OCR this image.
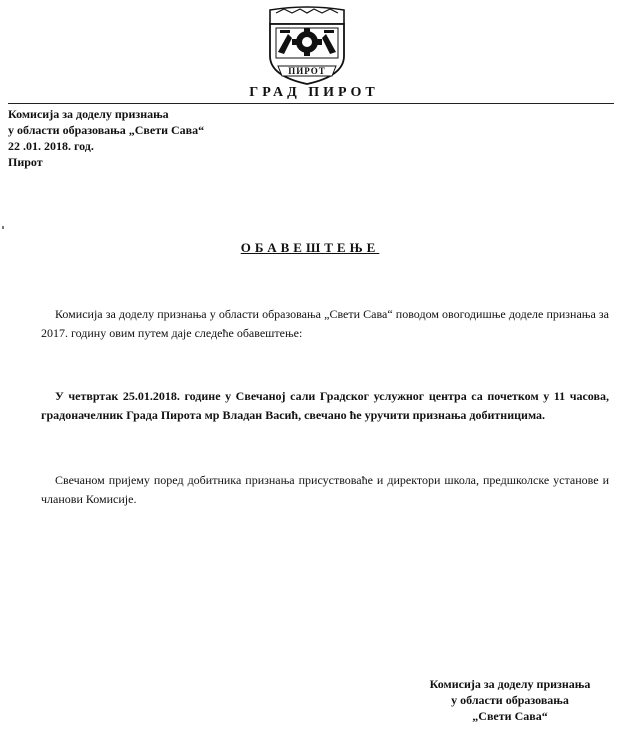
ПИРОТ
ГРАД ПИРОТ
Комисија за доделу признања
у области образовања „Свети Сава“
22 .01. 2018. год.
Пирот
ОБАВЕШТЕЊЕ
Комисија за доделу признања у области образовања „Свети Сава“ поводом овогодишње доделе признања за 2017. годину овим путем даје следеће обавештење:
У четвртак 25.01.2018. године у Свечаној сали Градског услужног центра са почетком у 11 часова, градоначелник Града Пирота мр Владан Васић, свечано ће уручити признања добитницима.
Свечаном пријему поред добитника признања присуствоваће и директори школа, предшколске установе и чланови Комисије.
Комисија за доделу признања
у области образовања
„Свети Сава“
